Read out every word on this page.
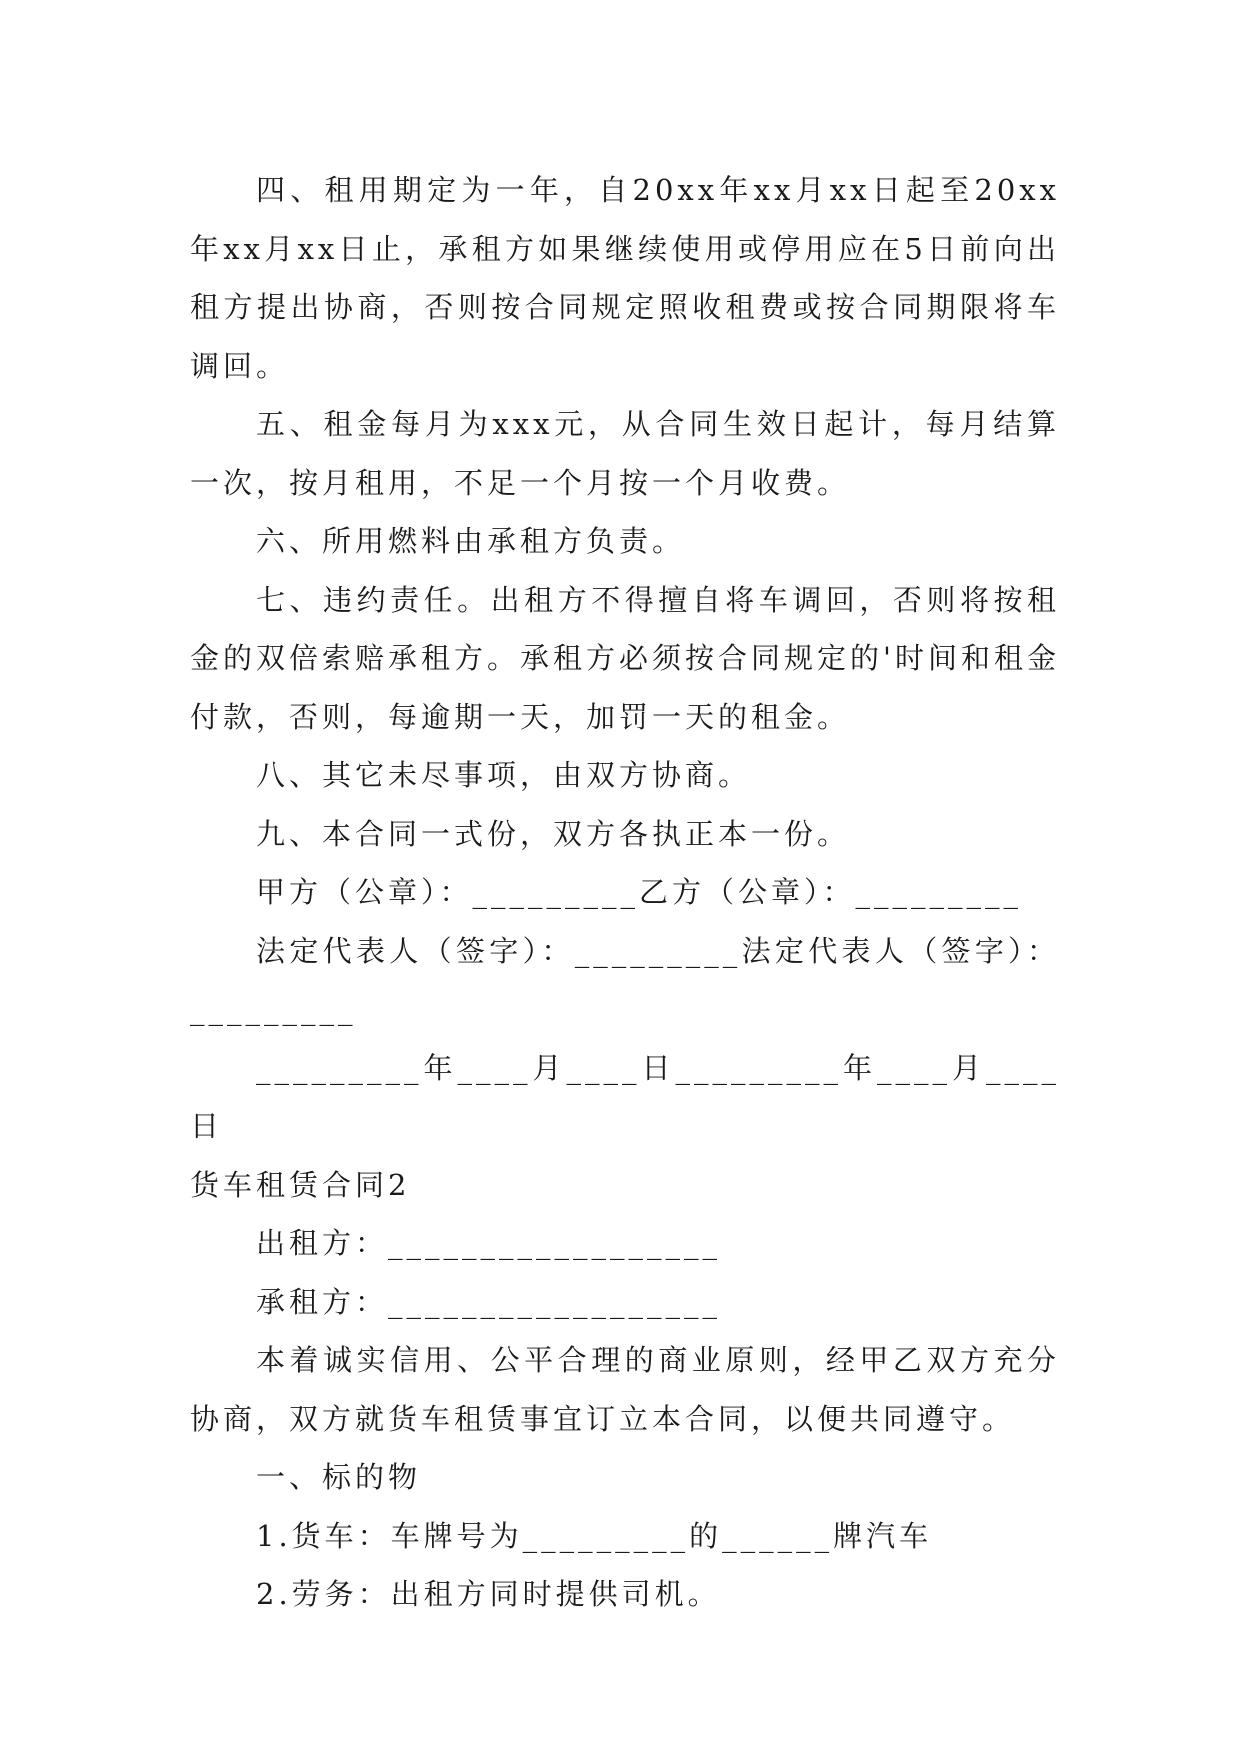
四、租用期定为一年，自20xx年xx月xx日起至20xx年xx月xx日止，承租方如果继续使用或停用应在5日前向出租方提出协商，否则按合同规定照收租费或按合同期限将车调回。

五、租金每月为xxx元，从合同生效日起计，每月结算一次，按月租用，不足一个月按一个月收费。

六、所用燃料由承租方负责。

七、违约责任。出租方不得擅自将车调回，否则将按租金的双倍索赔承租方。承租方必须按合同规定的'时间和租金付款，否则，每逾期一天，加罚一天的租金。

八、其它未尽事项，由双方协商。

九、本合同一式份，双方各执正本一份。

甲方（公章）：_________乙方（公章）：_________

法定代表人（签字）：_________法定代表人（签字）：_________

_________年____月____日_________年____月____日

货车租赁合同2

出租方：__________________

承租方：__________________

本着诚实信用、公平合理的商业原则，经甲乙双方充分协商，双方就货车租赁事宜订立本合同，以便共同遵守。

一、标的物

1.货车：车牌号为_________的______牌汽车

2.劳务：出租方同时提供司机。
